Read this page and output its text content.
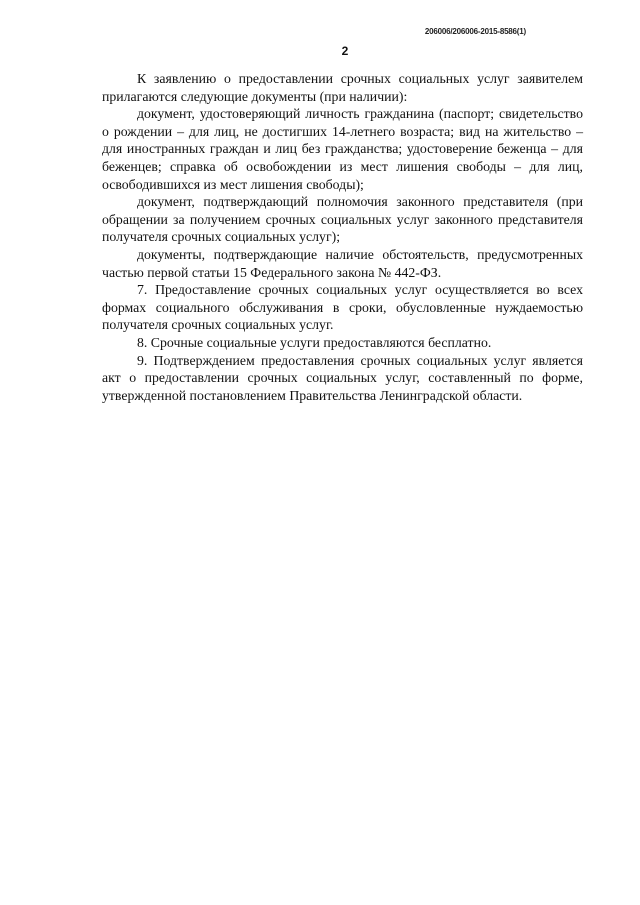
206006/206006-2015-8586(1)
2

К заявлению о предоставлении срочных социальных услуг заявителем прилагаются следующие документы (при наличии):

документ, удостоверяющий личность гражданина (паспорт; свидетельство о рождении – для лиц, не достигших 14-летнего возраста; вид на жительство – для иностранных граждан и лиц без гражданства; удостоверение беженца – для беженцев; справка об освобождении из мест лишения свободы – для лиц, освободившихся из мест лишения свободы);

документ, подтверждающий полномочия законного представителя (при обращении за получением срочных социальных услуг законного представителя получателя срочных социальных услуг);

документы, подтверждающие наличие обстоятельств, предусмотренных частью первой статьи 15 Федерального закона № 442-ФЗ.

7. Предоставление срочных социальных услуг осуществляется во всех формах социального обслуживания в сроки, обусловленные нуждаемостью получателя срочных социальных услуг.

8. Срочные социальные услуги предоставляются бесплатно.

9. Подтверждением предоставления срочных социальных услуг является акт о предоставлении срочных социальных услуг, составленный по форме, утвержденной постановлением Правительства Ленинградской области.
